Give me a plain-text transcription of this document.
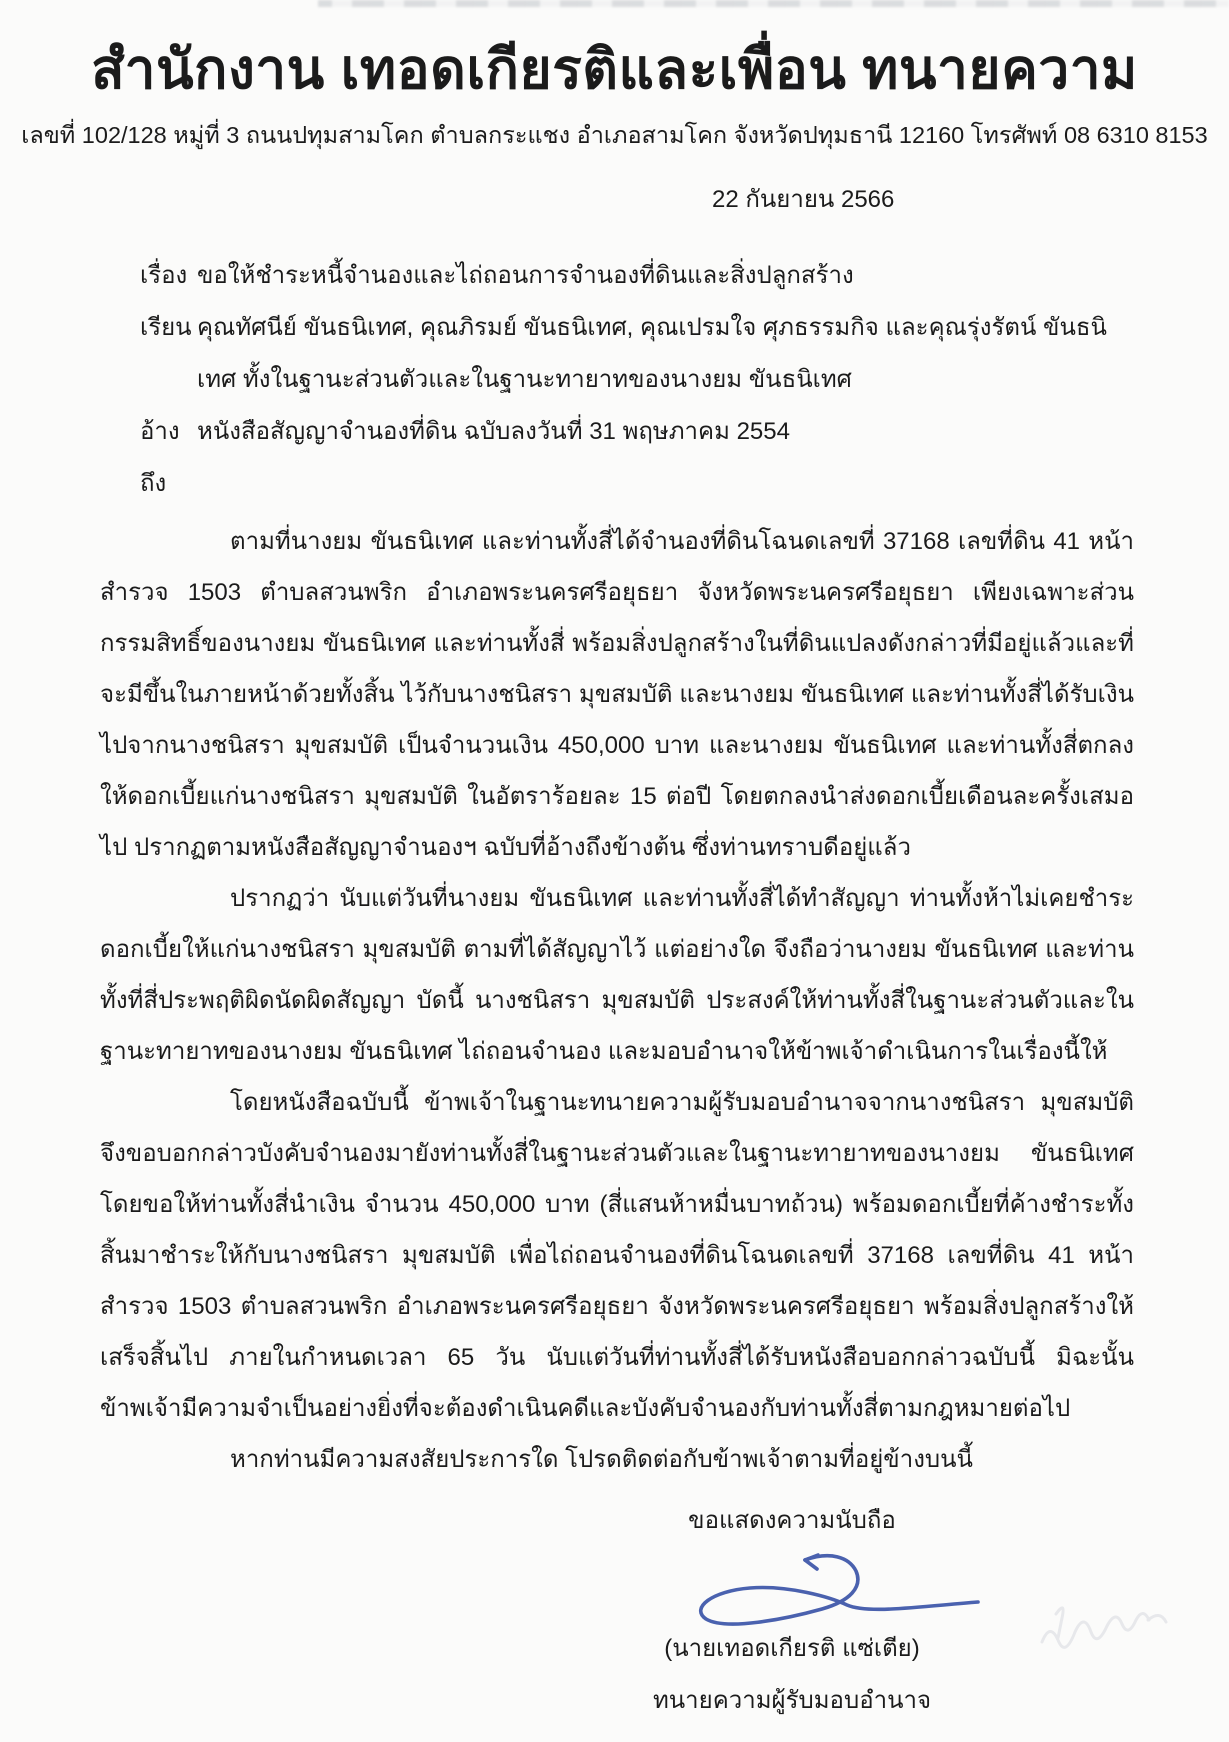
สำนักงาน เทอดเกียรติและเพื่อน ทนายความ
เลขที่ 102/128 หมู่ที่ 3 ถนนปทุมสามโคก ตำบลกระแชง อำเภอสามโคก จังหวัดปทุมธานี 12160 โทรศัพท์ 08 6310 8153
22 กันยายน 2566
เรื่อง ขอให้ชำระหนี้จำนองและไถ่ถอนการจำนองที่ดินและสิ่งปลูกสร้าง
เรียน คุณทัศนีย์ ขันธนิเทศ, คุณภิรมย์ ขันธนิเทศ, คุณเปรมใจ ศุภธรรมกิจ และคุณรุ่งรัตน์ ขันธนิเทศ ทั้งในฐานะส่วนตัวและในฐานะทายาทของนางยม ขันธนิเทศ
อ้างถึง
หนังสือสัญญาจำนองที่ดิน ฉบับลงวันที่ 31 พฤษภาคม 2554

ตามที่นางยม ขันธนิเทศ และท่านทั้งสี่ได้จำนองที่ดินโฉนดเลขที่ 37168 เลขที่ดิน 41 หน้าสำรวจ 1503 ตำบลสวนพริก อำเภอพระนครศรีอยุธยา จังหวัดพระนครศรีอยุธยา เพียงเฉพาะส่วนกรรมสิทธิ์ของนางยม ขันธนิเทศ และท่านทั้งสี่ พร้อมสิ่งปลูกสร้างในที่ดินแปลงดังกล่าวที่มีอยู่แล้วและที่จะมีขึ้นในภายหน้าด้วยทั้งสิ้น ไว้กับนางชนิสรา มุขสมบัติ และนางยม ขันธนิเทศ และท่านทั้งสี่ได้รับเงินไปจากนางชนิสรา มุขสมบัติ เป็นจำนวนเงิน 450,000 บาท และนางยม ขันธนิเทศ และท่านทั้งสี่ตกลงให้ดอกเบี้ยแก่นางชนิสรา มุขสมบัติ ในอัตราร้อยละ 15 ต่อปี โดยตกลงนำส่งดอกเบี้ยเดือนละครั้งเสมอไป ปรากฏตามหนังสือสัญญาจำนองฯ ฉบับที่อ้างถึงข้างต้น ซึ่งท่านทราบดีอยู่แล้ว

ปรากฏว่า นับแต่วันที่นางยม ขันธนิเทศ และท่านทั้งสี่ได้ทำสัญญา ท่านทั้งห้าไม่เคยชำระดอกเบี้ยให้แก่นางชนิสรา มุขสมบัติ ตามที่ได้สัญญาไว้ แต่อย่างใด จึงถือว่านางยม ขันธนิเทศ และท่านทั้งที่สี่ประพฤติผิดนัดผิดสัญญา บัดนี้ นางชนิสรา มุขสมบัติ ประสงค์ให้ท่านทั้งสี่ในฐานะส่วนตัวและในฐานะทายาทของนางยม ขันธนิเทศ ไถ่ถอนจำนอง และมอบอำนาจให้ข้าพเจ้าดำเนินการในเรื่องนี้ให้

โดยหนังสือฉบับนี้ ข้าพเจ้าในฐานะทนายความผู้รับมอบอำนาจจากนางชนิสรา มุขสมบัติ จึงขอบอกกล่าวบังคับจำนองมายังท่านทั้งสี่ในฐานะส่วนตัวและในฐานะทายาทของนางยม ขันธนิเทศ โดยขอให้ท่านทั้งสี่นำเงิน จำนวน 450,000 บาท (สี่แสนห้าหมื่นบาทถ้วน) พร้อมดอกเบี้ยที่ค้างชำระทั้งสิ้นมาชำระให้กับนางชนิสรา มุขสมบัติ เพื่อไถ่ถอนจำนองที่ดินโฉนดเลขที่ 37168 เลขที่ดิน 41 หน้าสำรวจ 1503 ตำบลสวนพริก อำเภอพระนครศรีอยุธยา จังหวัดพระนครศรีอยุธยา พร้อมสิ่งปลูกสร้างให้เสร็จสิ้นไป ภายในกำหนดเวลา 65 วัน นับแต่วันที่ท่านทั้งสี่ได้รับหนังสือบอกกล่าวฉบับนี้ มิฉะนั้น ข้าพเจ้ามีความจำเป็นอย่างยิ่งที่จะต้องดำเนินคดีและบังคับจำนองกับท่านทั้งสี่ตามกฎหมายต่อไป

หากท่านมีความสงสัยประการใด โปรดติดต่อกับข้าพเจ้าตามที่อยู่ข้างบนนี้

ขอแสดงความนับถือ
(นายเทอดเกียรติ แซ่เตีย)
ทนายความผู้รับมอบอำนาจ
